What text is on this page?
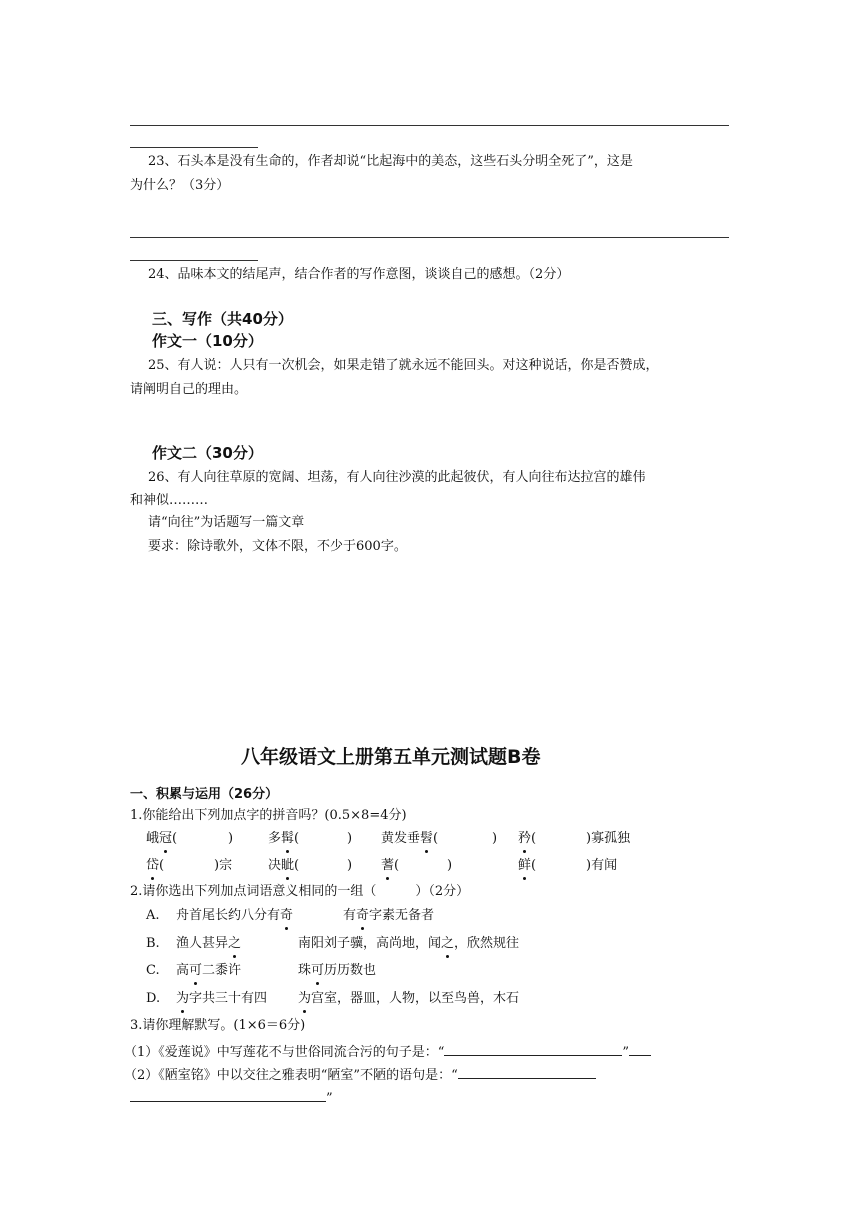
23、石头本是没有生命的，作者却说“比起海中的美态，这些石头分明全死了”，这是
为什么？（3分）
24、品味本文的结尾声，结合作者的写作意图，谈谈自己的感想。（2分）
三、写作（共40分）
作文一（10分）
25、有人说：人只有一次机会，如果走错了就永远不能回头。对这种说话，你是否赞成，
请阐明自己的理由。
作文二（30分）
26、有人向往草原的宽阔、坦荡，有人向往沙漠的此起彼伏，有人向往布达拉宫的雄伟
和神似………
请“向往”为话题写一篇文章
要求：除诗歌外，文体不限，不少于600字。
八年级语文上册第五单元测试题B卷
一、积累与运用（26分）
1.你能给出下列加点字的拼音吗？(0.5×8=4分)
峨冠(	)	多髯(	) 黄发垂髫(	) 矜(	)寡孤独
岱(	)宗	决眦(	) 蓍(	)	鲜(	)有闻
2.请你选出下列加点词语意义相同的一组（　　　）（2分）
A. 舟首尾长约八分有奇	有奇字素无备者
B. 渔人甚异之	南阳刘子骥，高尚地，闻之，欣然规往
C. 高可二黍许	珠可历历数也
D. 为字共三十有四 为宫室，器皿，人物，以至鸟兽，木石
3.请你理解默写。(1×6＝6分)
（1）《爱莲说》中写莲花不与世俗同流合污的句子是：“	”
（2）《陋室铭》中以交往之雅表明“陋室”不陋的语句是：“
”
